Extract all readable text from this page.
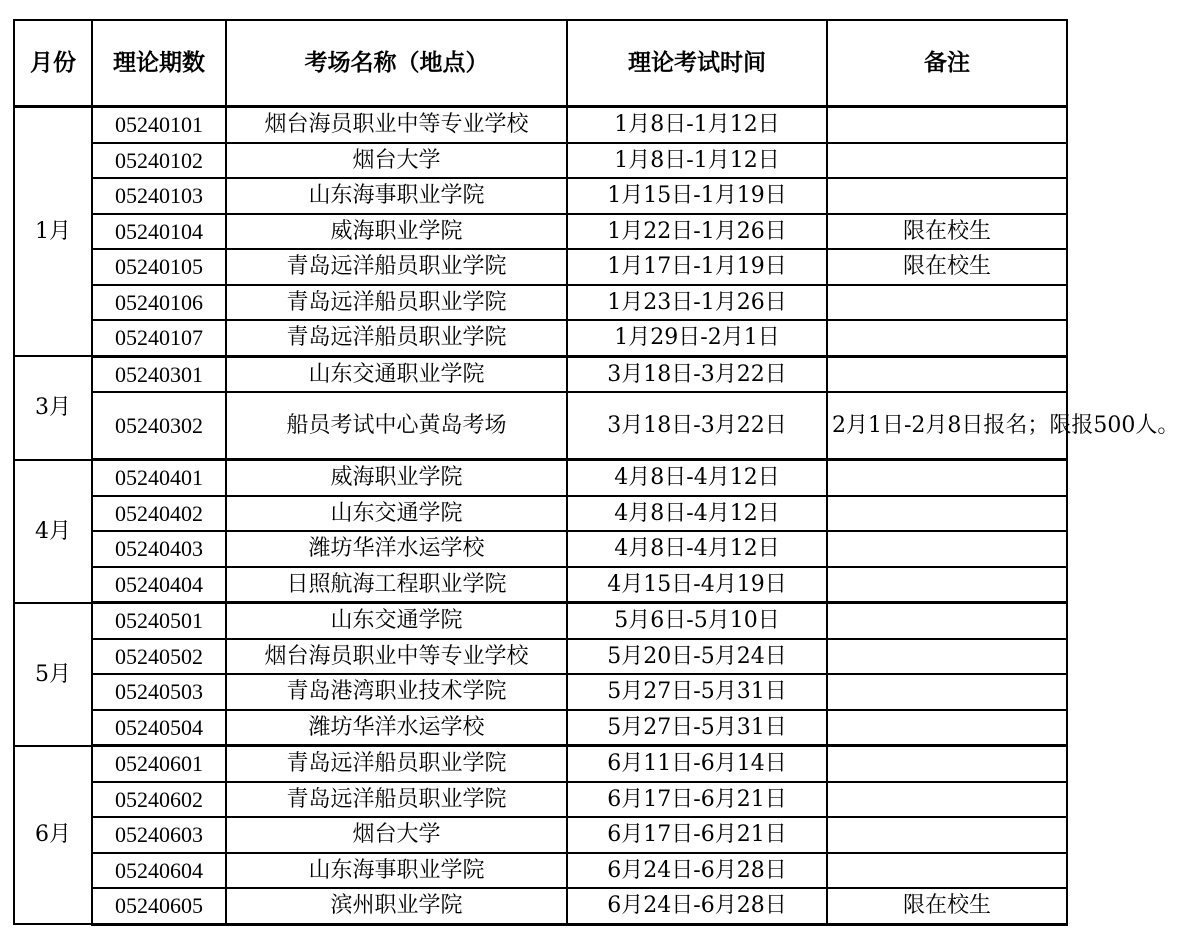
月份	理论期数	考场名称（地点）	理论考试时间	备注
1月	05240101	烟台海员职业中等专业学校	1月8日-1月12日	
	05240102	烟台大学	1月8日-1月12日	
	05240103	山东海事职业学院	1月15日-1月19日	
	05240104	威海职业学院	1月22日-1月26日	限在校生
	05240105	青岛远洋船员职业学院	1月17日-1月19日	限在校生
	05240106	青岛远洋船员职业学院	1月23日-1月26日	
	05240107	青岛远洋船员职业学院	1月29日-2月1日	
3月	05240301	山东交通职业学院	3月18日-3月22日	
	05240302	船员考试中心黄岛考场	3月18日-3月22日	2月1日-2月8日报名；限报500人。
4月	05240401	威海职业学院	4月8日-4月12日	
	05240402	山东交通学院	4月8日-4月12日	
	05240403	潍坊华洋水运学校	4月8日-4月12日	
	05240404	日照航海工程职业学院	4月15日-4月19日	
5月	05240501	山东交通学院	5月6日-5月10日	
	05240502	烟台海员职业中等专业学校	5月20日-5月24日	
	05240503	青岛港湾职业技术学院	5月27日-5月31日	
	05240504	潍坊华洋水运学校	5月27日-5月31日	
6月	05240601	青岛远洋船员职业学院	6月11日-6月14日	
	05240602	青岛远洋船员职业学院	6月17日-6月21日	
	05240603	烟台大学	6月17日-6月21日	
	05240604	山东海事职业学院	6月24日-6月28日	
	05240605	滨州职业学院	6月24日-6月28日	限在校生
